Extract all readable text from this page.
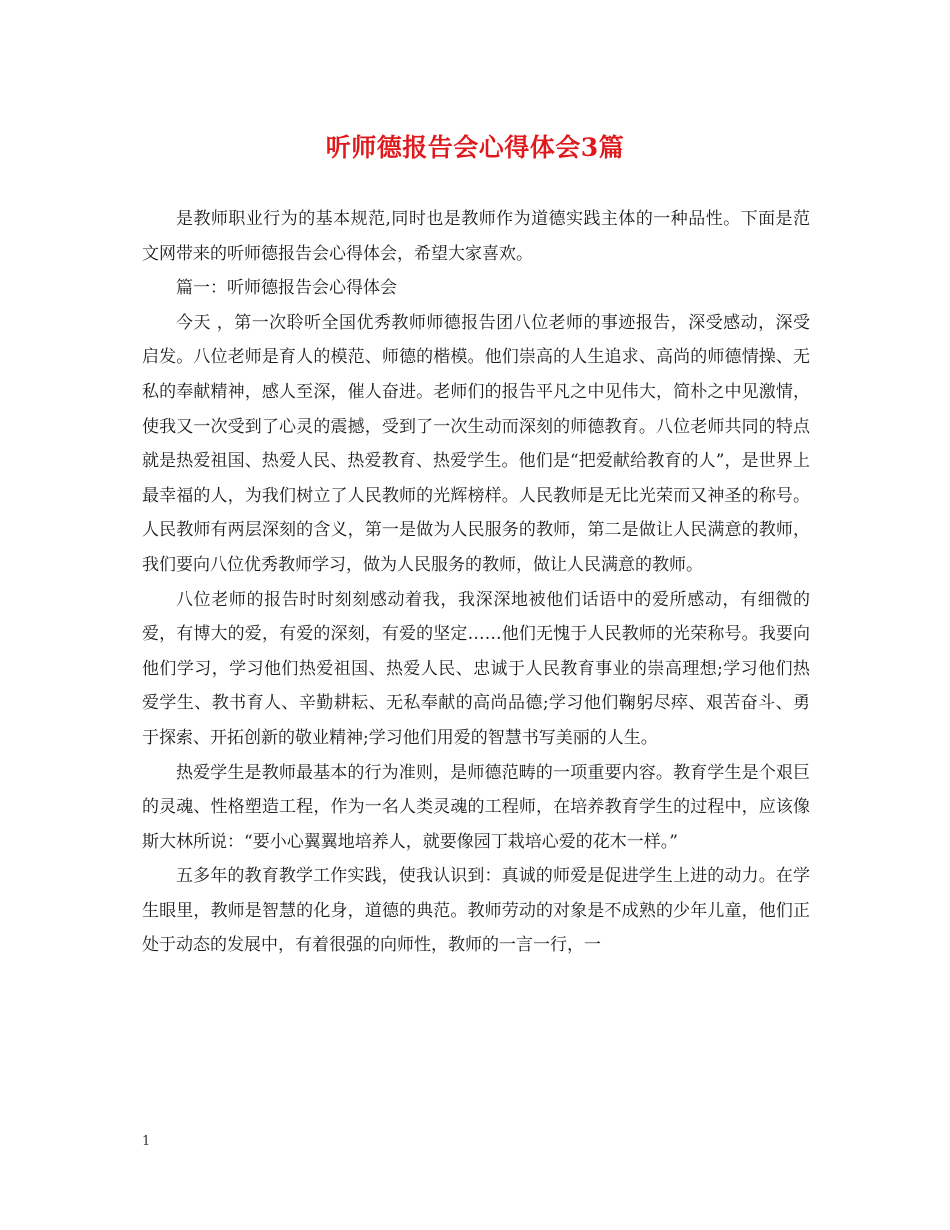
听师德报告会心得体会3篇

是教师职业行为的基本规范,同时也是教师作为道德实践主体的一种品性。下面是范文网带来的听师德报告会心得体会，希望大家喜欢。

篇一：听师德报告会心得体会

今天 ，第一次聆听全国优秀教师师德报告团八位老师的事迹报告，深受感动，深受启发。八位老师是育人的模范、师德的楷模。他们崇高的人生追求、高尚的师德情操、无私的奉献精神，感人至深，催人奋进。老师们的报告平凡之中见伟大，简朴之中见激情，使我又一次受到了心灵的震撼，受到了一次生动而深刻的师德教育。八位老师共同的特点就是热爱祖国、热爱人民、热爱教育、热爱学生。他们是“把爱献给教育的人”，是世界上最幸福的人，为我们树立了人民教师的光辉榜样。人民教师是无比光荣而又神圣的称号。人民教师有两层深刻的含义，第一是做为人民服务的教师，第二是做让人民满意的教师，我们要向八位优秀教师学习，做为人民服务的教师，做让人民满意的教师。

八位老师的报告时时刻刻感动着我，我深深地被他们话语中的爱所感动，有细微的爱，有博大的爱，有爱的深刻，有爱的坚定……他们无愧于人民教师的光荣称号。我要向他们学习，学习他们热爱祖国、热爱人民、忠诚于人民教育事业的崇高理想;学习他们热爱学生、教书育人、辛勤耕耘、无私奉献的高尚品德;学习他们鞠躬尽瘁、艰苦奋斗、勇于探索、开拓创新的敬业精神;学习他们用爱的智慧书写美丽的人生。

热爱学生是教师最基本的行为准则，是师德范畴的一项重要内容。教育学生是个艰巨的灵魂、性格塑造工程，作为一名人类灵魂的工程师，在培养教育学生的过程中，应该像斯大林所说：“要小心翼翼地培养人，就要像园丁栽培心爱的花木一样。”

五多年的教育教学工作实践，使我认识到：真诚的师爱是促进学生上进的动力。在学生眼里，教师是智慧的化身，道德的典范。教师劳动的对象是不成熟的少年儿童，他们正处于动态的发展中，有着很强的向师性，教师的一言一行，一

1
